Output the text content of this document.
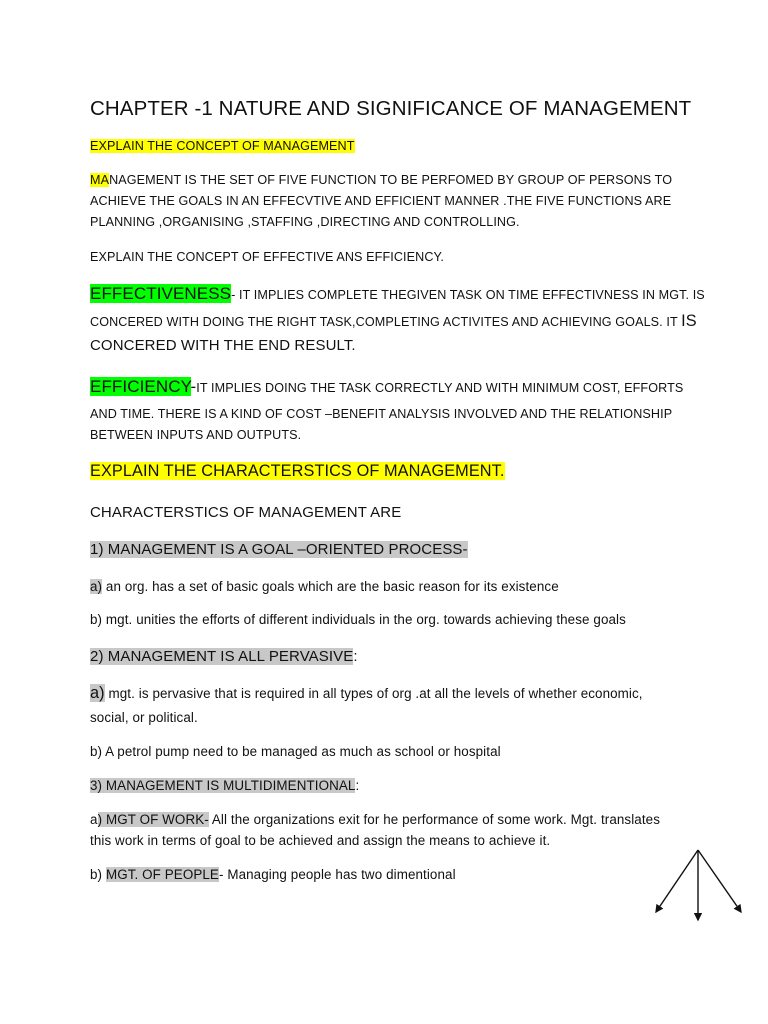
CHAPTER -1 NATURE AND SIGNIFICANCE OF MANAGEMENT
EXPLAIN THE CONCEPT OF MANAGEMENT
MANAGEMENT IS THE SET OF FIVE FUNCTION TO BE PERFOMED BY GROUP OF PERSONS TO
ACHIEVE THE GOALS IN AN EFFECVTIVE AND EFFICIENT MANNER .THE FIVE FUNCTIONS ARE
PLANNING ,ORGANISING ,STAFFING ,DIRECTING AND CONTROLLING.
EXPLAIN THE CONCEPT OF EFFECTIVE ANS EFFICIENCY.
EFFECTIVENESS- IT IMPLIES COMPLETE THEGIVEN TASK ON TIME EFFECTIVNESS IN MGT. IS
CONCERED WITH DOING THE RIGHT TASK,COMPLETING ACTIVITES AND ACHIEVING GOALS. IT IS
CONCERED WITH THE END RESULT.
EFFICIENCY-IT IMPLIES DOING THE TASK CORRECTLY AND WITH MINIMUM COST, EFFORTS
AND TIME. THERE IS A KIND OF COST –BENEFIT ANALYSIS INVOLVED AND THE RELATIONSHIP
BETWEEN INPUTS AND OUTPUTS.
EXPLAIN THE CHARACTERSTICS OF MANAGEMENT.
CHARACTERSTICS OF MANAGEMENT ARE
1) MANAGEMENT IS A GOAL –ORIENTED PROCESS-
a) an org. has a set of basic goals which are the basic reason for its existence
b) mgt. unities the efforts of different individuals in the org. towards achieving these goals
2) MANAGEMENT IS ALL PERVASIVE:
a) mgt. is pervasive that is required in all types of org .at all the levels of whether economic,
social, or political.
b) A petrol pump need to be managed as much as school or hospital
3) MANAGEMENT IS MULTIDIMENTIONAL:
a) MGT OF WORK- All the organizations exit for he performance of some work. Mgt. translates
this work in terms of goal to be achieved and assign the means to achieve it.
b) MGT. OF PEOPLE- Managing people has two dimentional
